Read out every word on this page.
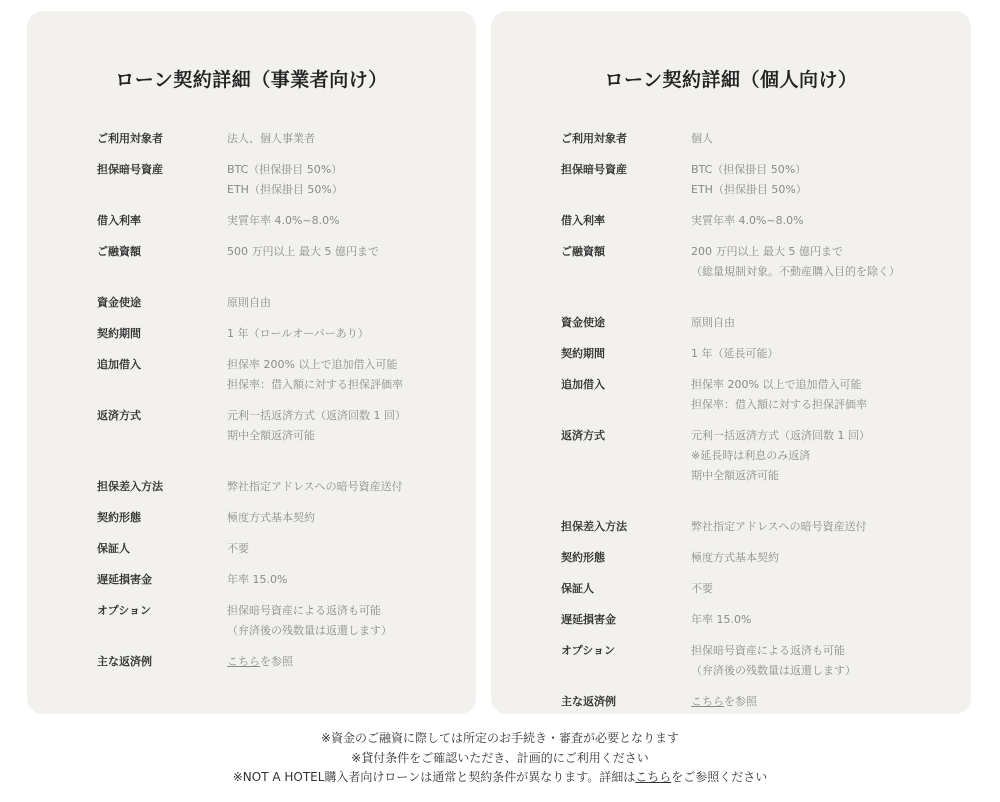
ローン契約詳細（事業者向け）
ご利用対象者	法人、個人事業者
担保暗号資産	BTC（担保掛目 50%）
ETH（担保掛目 50%）
借入利率	実質年率 4.0%~8.0%
ご融資額	500 万円以上 最大 5 億円まで
資金使途	原則自由
契約期間	1 年（ロールオーバーあり）
追加借入	担保率 200% 以上で追加借入可能
担保率：借入額に対する担保評価率
返済方式	元利一括返済方式（返済回数 1 回）
期中全額返済可能
担保差入方法	弊社指定アドレスへの暗号資産送付
契約形態	極度方式基本契約
保証人	不要
遅延損害金	年率 15.0%
オプション	担保暗号資産による返済も可能
（弁済後の残数量は返還します）
主な返済例	こちらを参照
ローン契約詳細（個人向け）
ご利用対象者	個人
担保暗号資産	BTC（担保掛目 50%）
ETH（担保掛目 50%）
借入利率	実質年率 4.0%~8.0%
ご融資額	200 万円以上 最大 5 億円まで
（総量規制対象。不動産購入目的を除く）
資金使途	原則自由
契約期間	1 年（延長可能）
追加借入	担保率 200% 以上で追加借入可能
担保率：借入額に対する担保評価率
返済方式	元利一括返済方式（返済回数 1 回）
※延長時は利息のみ返済
期中全額返済可能
担保差入方法	弊社指定アドレスへの暗号資産送付
契約形態	極度方式基本契約
保証人	不要
遅延損害金	年率 15.0%
オプション	担保暗号資産による返済も可能
（弁済後の残数量は返還します）
主な返済例	こちらを参照
※資金のご融資に際しては所定のお手続き・審査が必要となります
※貸付条件をご確認いただき、計画的にご利用ください
※NOT A HOTEL購入者向けローンは通常と契約条件が異なります。詳細はこちらをご参照ください
